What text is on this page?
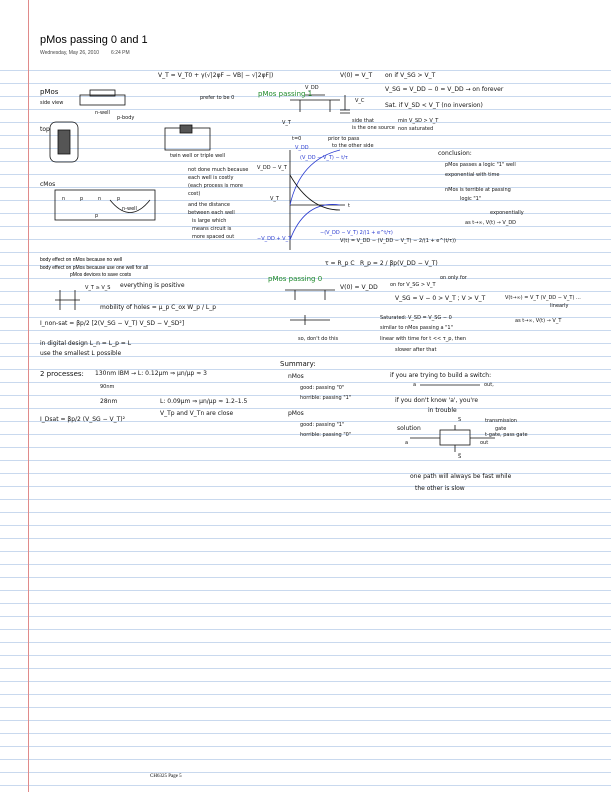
pMos passing 0 and 1
Wednesday, May 26, 2010 6:24 PM
pMos
side view
n-well
p-body
top
cMos
n	p	n	p
n-well
p
V_T = V_T0 + γ(√|2φF − VB| − √|2φF|)
prefer to be 0
twin well or triple well
not done much because
each well is costly
(each process is more
cost)
and the distance
between each well
is large which
means circuit is
more spaced out
body effect on nMos because no well
body effect on pMos because use one well for all
pMos devices to save costs
V_T ≥ V_S everything is positive
mobility of holes = μ_p C_ox W_p / L_p
I_non-sat = βp/2 [2(V_SG − V_T) V_SD − V_SD²]
in digital design L_n = L_p = L
use the smallest L possible
2 processes: 130nm IBM → L: 0.12μm ⇒ μn/μp ≈ 3
90nm
28nm	L: 0.09μm ⇒ μn/μp ≈ 1.2–1.5
I_Dsat = βp/2 (V_SG − V_T)²
V_Tp and V_Tn are close
pMos passing 1
V_DD
V_T
V_C
t=0	prior to pass
to the other side
side that
is the one source
V(0) = V_T on if V_SG > V_T
V_SG = V_DD − 0 = V_DD → on forever
Sat. if V_SD < V_T (no inversion)
min V_SD > V_T
non saturated
V_DD
(V_DD − V_T) − t/τ
−(V_DD − V_T) 2/(1 + e^t/τ)
V_DD − V_T
V_T
−V_DD + V_T
t
conclusion:
pMos passes a logic "1" well
exponential with time
nMos is terrible at passing
logic "1"
exponentially
as t→∞, V(t) → V_DD
V(t) = V_DD − (V_DD − V_T) − 2/(1 + e^(t/τ))
τ = R_p C R_p = 2 / βp(V_DD − V_T)
pMos passing 0
V(0) = V_DD on for V_SG > V_T
on only for
V_SG = V − 0 > V_T ; V > V_T
Saturated: V_SD = V_SG − 0
similar to nMos passing a "1"
linear with time for t << τ_p, then
slower after that
so, don't do this
V(t→∞) = V_T (V_DD − V_T) ...
linearly
as t→∞, V(t) → V_T
Summary:
nMos
good: passing "0"
horrible: passing "1"
pMos
good: passing "1"
horrible: passing "0"
if you are trying to build a switch:
a	out,
if you don't know 'a', you're
in trouble
solution
transmission
gate
t-gate, pass gate
a
S
S̅
out
one path will always be fast while
the other is slow
CH6325 Page 5
